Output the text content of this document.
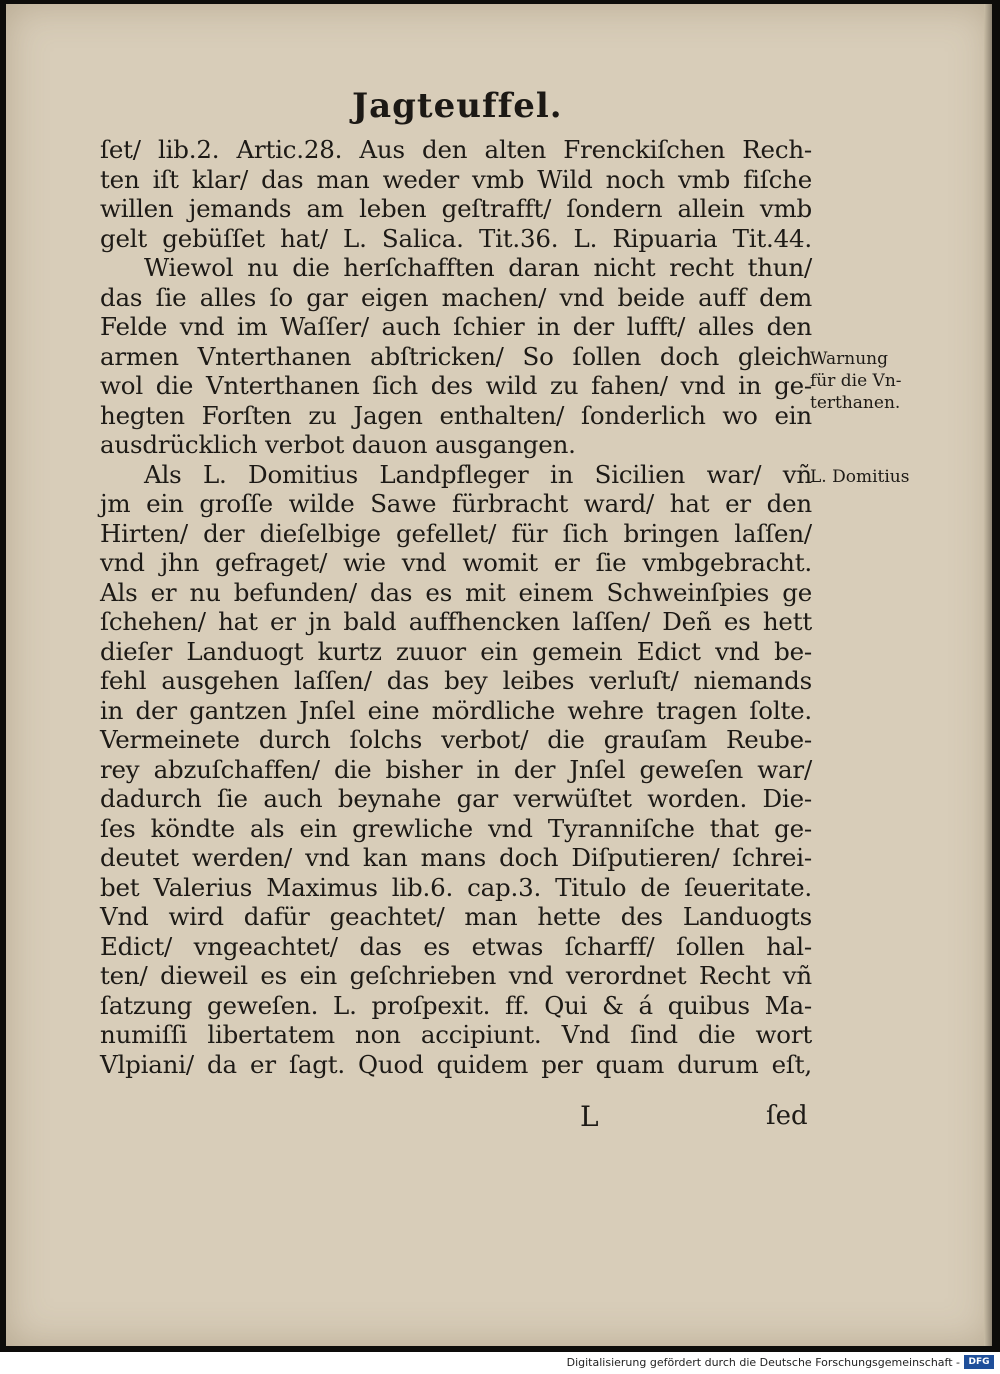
Jagteuffel.
ſet/ lib.2. Artic.28. Aus den alten Frenckiſchen Rech-
ten iſt klar/ das man weder vmb Wild noch vmb fiſche
willen jemands am leben geſtrafft/ ſondern allein vmb
gelt gebüſſet hat/ L. Salica. Tit.36. L. Ripuaria Tit.44.
Wiewol nu die herſchafften daran nicht recht thun/
das ſie alles ſo gar eigen machen/ vnd beide auff dem
Felde vnd im Waſſer/ auch ſchier in der lufft/ alles den
armen Vnterthanen abſtricken/ So ſollen doch gleich
wol die Vnterthanen ſich des wild zu fahen/ vnd in ge-
hegten Forſten zu Jagen enthalten/ ſonderlich wo ein
ausdrücklich verbot dauon ausgangen.
Als L. Domitius Landpfleger in Sicilien war/ vñ
jm ein groſſe wilde Sawe fürbracht ward/ hat er den
Hirten/ der dieſelbige gefellet/ für ſich bringen laſſen/
vnd jhn gefraget/ wie vnd womit er ſie vmbgebracht.
Als er nu befunden/ das es mit einem Schweinſpies ge
ſchehen/ hat er jn bald auffhencken laſſen/ Deñ es hett
dieſer Landuogt kurtz zuuor ein gemein Edict vnd be-
fehl ausgehen laſſen/ das bey leibes verluſt/ niemands
in der gantzen Jnſel eine mördliche wehre tragen ſolte.
Vermeinete durch ſolchs verbot/ die grauſam Reube-
rey abzuſchaffen/ die bisher in der Jnſel geweſen war/
dadurch ſie auch beynahe gar verwüſtet worden. Die-
ſes köndte als ein grewliche vnd Tyranniſche that ge-
deutet werden/ vnd kan mans doch Diſputieren/ ſchrei-
bet Valerius Maximus lib.6. cap.3. Titulo de ſeueritate.
Vnd wird dafür geachtet/ man hette des Landuogts
Edict/ vngeachtet/ das es etwas ſcharff/ ſollen hal-
ten/ dieweil es ein geſchrieben vnd verordnet Recht vñ
ſatzung geweſen. L. proſpexit. ff. Qui & á quibus Ma-
numiſſi libertatem non accipiunt. Vnd ſind die wort
Vlpiani/ da er ſagt. Quod quidem per quam durum eſt,
Warnung
für die Vn-
terthanen.
L. Domitius
L	ſed
Digitalisierung gefördert durch die Deutsche Forschungsgemeinschaft - DFG
